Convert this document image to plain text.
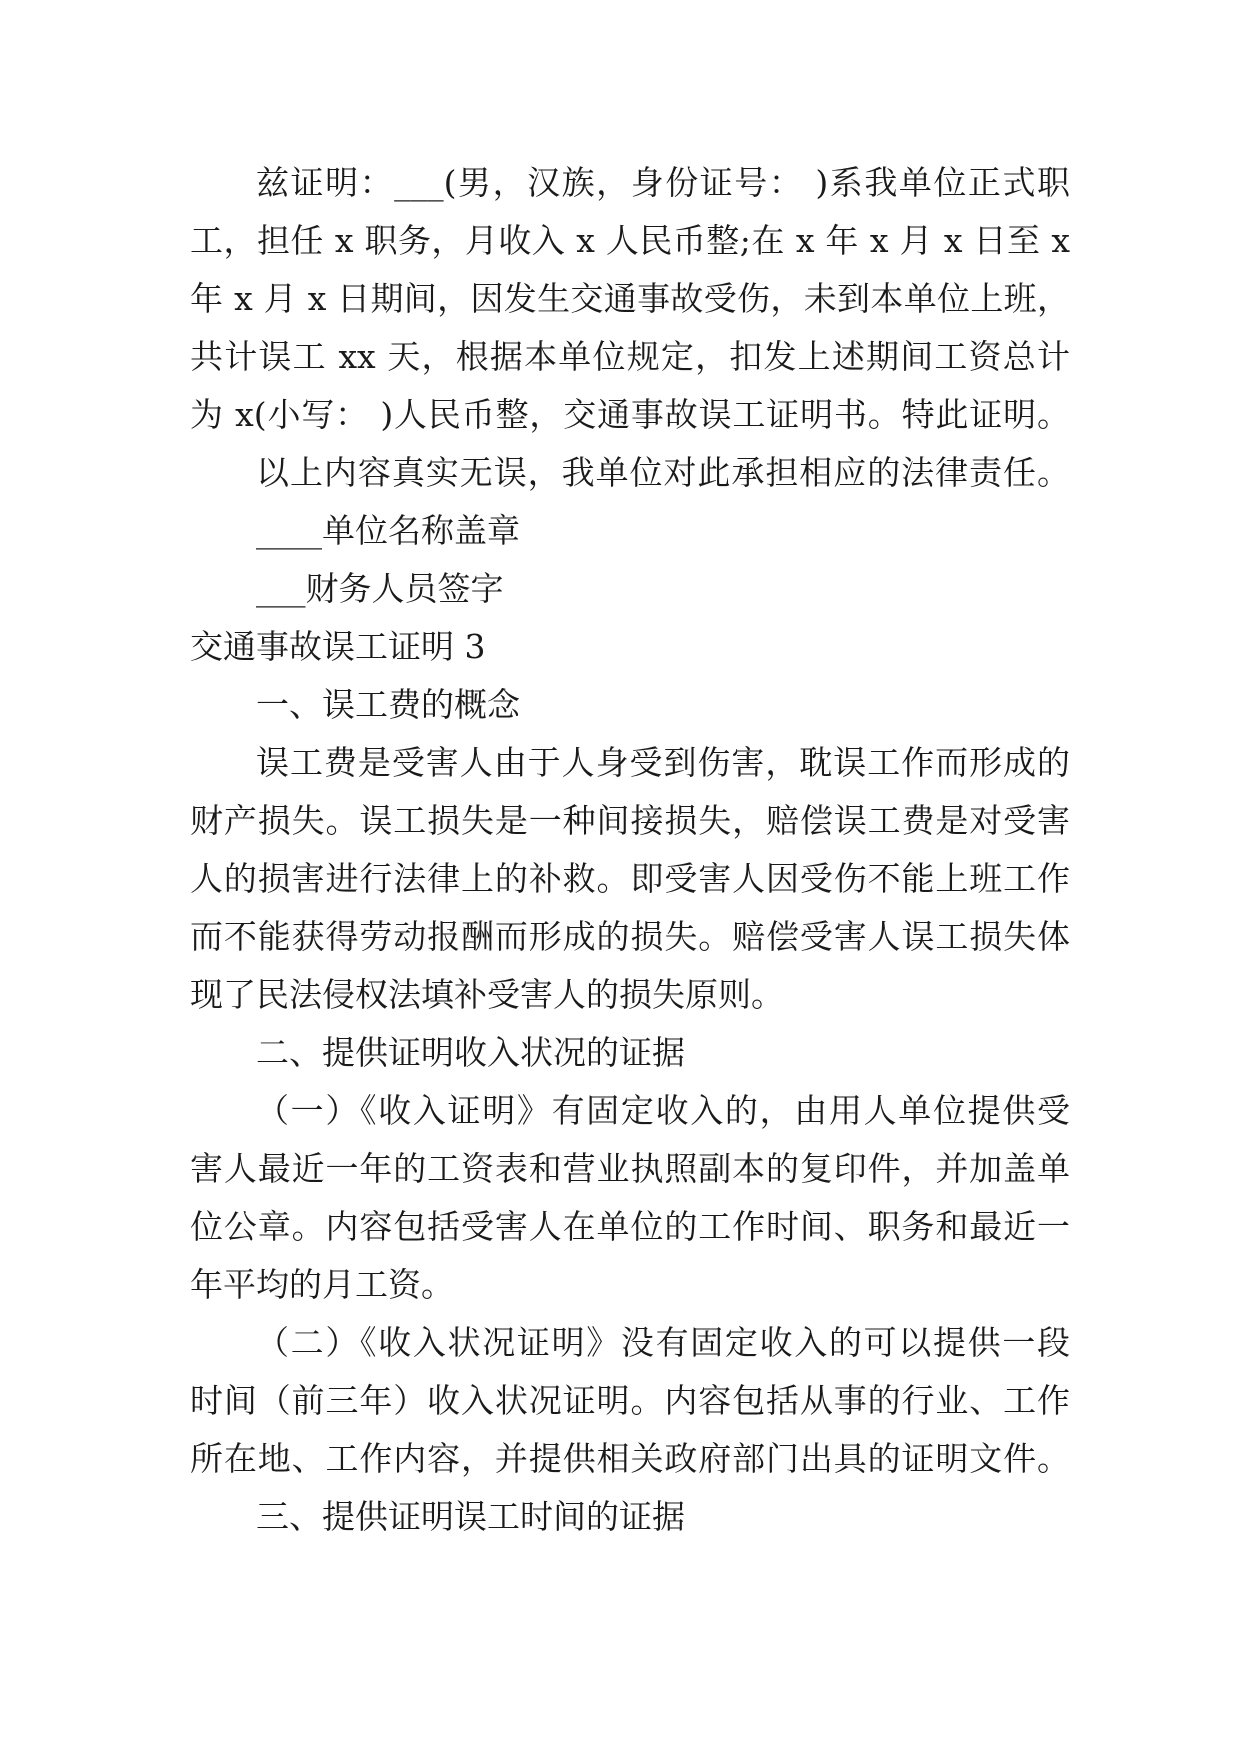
兹证明：___(男，汉族，身份证号： )系我单位正式职
工，担任 x 职务，月收入 x 人民币整;在 x 年 x 月 x 日至 x
年 x 月 x 日期间，因发生交通事故受伤，未到本单位上班，
共计误工 xx 天，根据本单位规定，扣发上述期间工资总计
为 x(小写： )人民币整，交通事故误工证明书。特此证明。
以上内容真实无误，我单位对此承担相应的法律责任。
____单位名称盖章
___财务人员签字
交通事故误工证明 3
一、误工费的概念
误工费是受害人由于人身受到伤害，耽误工作而形成的
财产损失。误工损失是一种间接损失，赔偿误工费是对受害
人的损害进行法律上的补救。即受害人因受伤不能上班工作
而不能获得劳动报酬而形成的损失。赔偿受害人误工损失体
现了民法侵权法填补受害人的损失原则。
二、提供证明收入状况的证据
（一）《收入证明》有固定收入的，由用人单位提供受
害人最近一年的工资表和营业执照副本的复印件，并加盖单
位公章。内容包括受害人在单位的工作时间、职务和最近一
年平均的月工资。
（二）《收入状况证明》没有固定收入的可以提供一段
时间（前三年）收入状况证明。内容包括从事的行业、工作
所在地、工作内容，并提供相关政府部门出具的证明文件。
三、提供证明误工时间的证据
